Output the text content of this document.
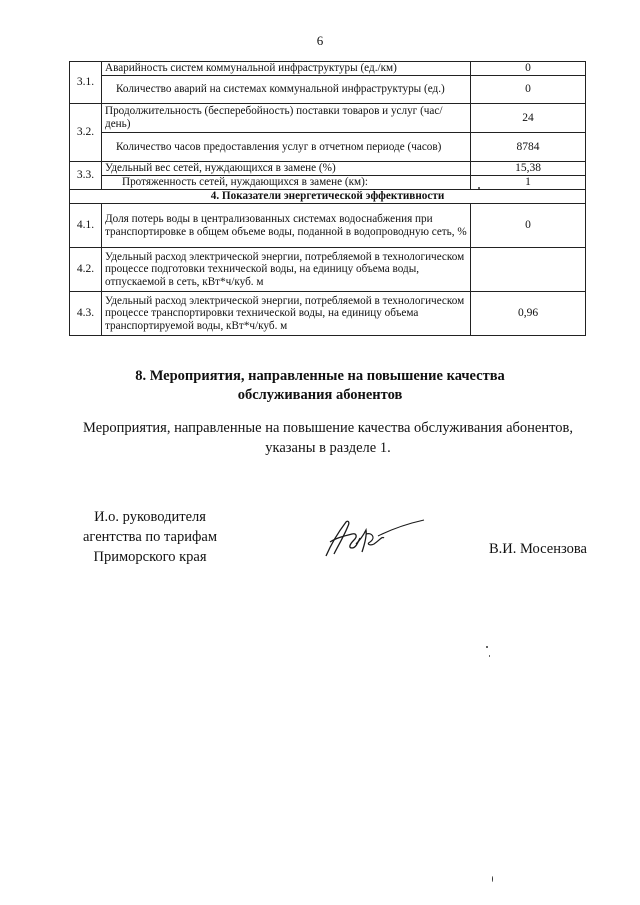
6
3.1.	Аварийность систем коммунальной инфраструктуры (ед./км)	0
	Количество аварий на системах коммунальной инфраструктуры (ед.)	0
3.2.	Продолжительность (бесперебойность) поставки товаров и услуг (час/день)	24
	Количество часов предоставления услуг в отчетном периоде (часов)	8784
3.3.	Удельный вес сетей, нуждающихся в замене (%)	15,38
	Протяженность сетей, нуждающихся в замене (км):	1
4. Показатели энергетической эффективности		
4.1.	Доля потерь воды в централизованных системах водоснабжения при транспортировке в общем объеме воды, поданной в водопроводную сеть, %	0
4.2.	Удельный расход электрической энергии, потребляемой в технологическом процессе подготовки технической воды, на единицу объема воды, отпускаемой в сеть, кВт*ч/куб. м	
4.3.	Удельный расход электрической энергии, потребляемой в технологическом процессе транспортировки технической воды, на единицу объема транспортируемой воды, кВт*ч/куб. м	0,96
8. Мероприятия, направленные на повышение качества
обслуживания абонентов
Мероприятия, направленные на повышение качества обслуживания абонентов,
указаны в разделе 1.
И.о. руководителя
агентства по тарифам
Приморского края	В.И. Мосензова
